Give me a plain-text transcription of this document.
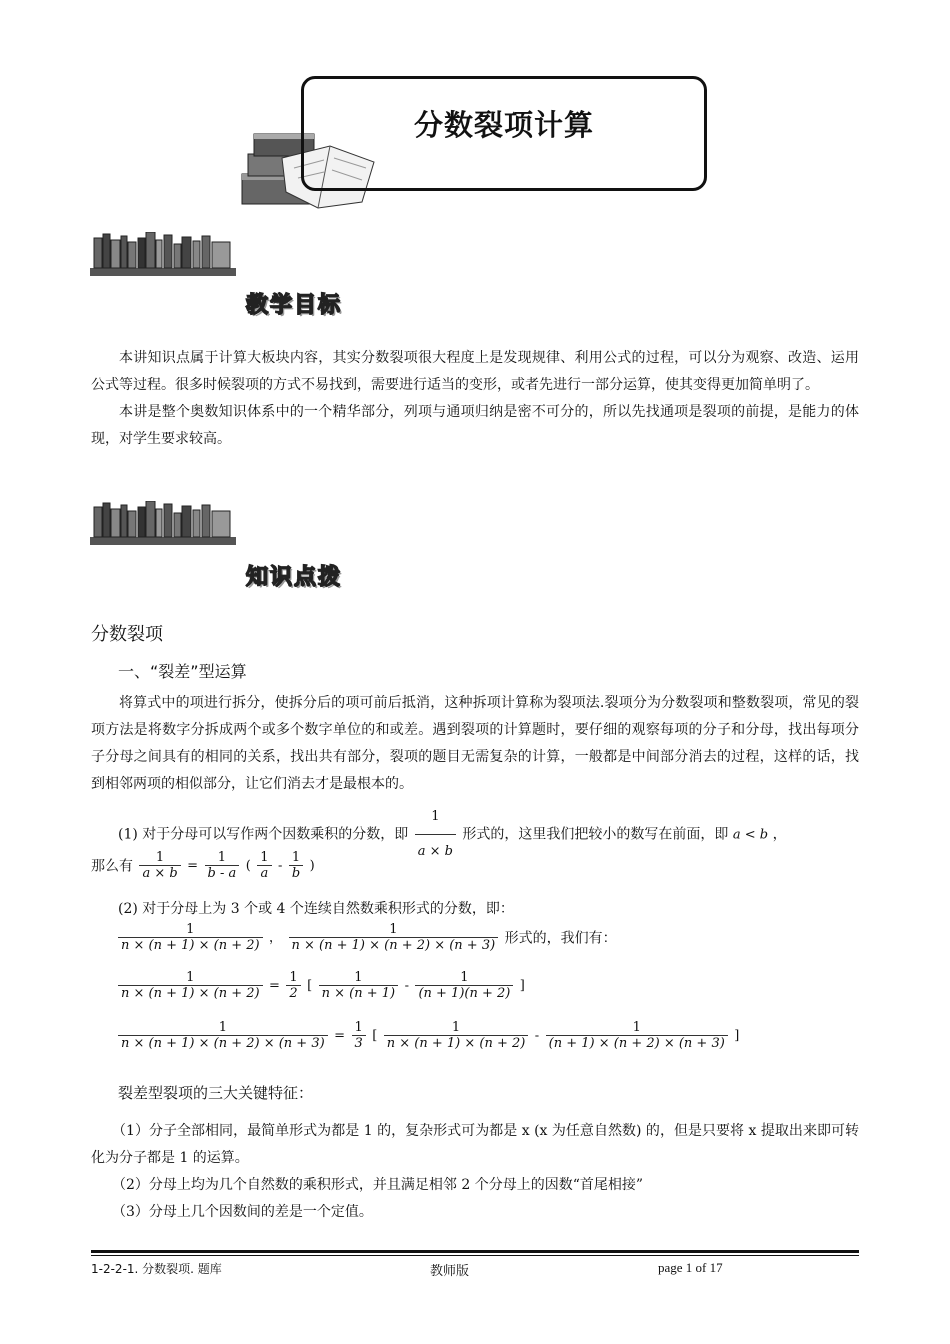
分数裂项计算
教学目标

本讲知识点属于计算大板块内容，其实分数裂项很大程度上是发现规律、利用公式的过程，可以分为观察、改造、运用公式等过程。很多时候裂项的方式不易找到，需要进行适当的变形，或者先进行一部分运算，使其变得更加简单明了。

本讲是整个奥数知识体系中的一个精华部分，列项与通项归纳是密不可分的，所以先找通项是裂项的前提，是能力的体现，对学生要求较高。

知识点拨
分数裂项
一、“裂差”型运算

将算式中的项进行拆分，使拆分后的项可前后抵消，这种拆项计算称为裂项法.裂项分为分数裂项和整数裂项，常见的裂项方法是将数字分拆成两个或多个数字单位的和或差。遇到裂项的计算题时，要仔细的观察每项的分子和分母，找出每项分子分母之间具有的相同的关系，找出共有部分，裂项的题目无需复杂的计算，一般都是中间部分消去的过程，这样的话，找到相邻两项的相似部分，让它们消去才是最根本的。

(1) 对于分母可以写作两个因数乘积的分数，即 $\frac{1}{a \times b}$ 形式的，这里我们把较小的数写在前面，即 a < b ，
那么有 $\frac{1}{a \times b} = \frac{1}{b - a}$ ( $\frac{1}{a} - \frac{1}{b}$ )
(2) 对于分母上为 3 个或 4 个连续自然数乘积形式的分数，即：
$\frac{1}{n \times (n + 1) \times (n + 2)}$ ， $\frac{1}{n \times (n + 1) \times (n + 2) \times (n + 3)}$ 形式的，我们有：
$\frac{1}{n \times (n + 1) \times (n + 2)} = \frac{1}{2}$ [ $\frac{1}{n \times (n + 1)} - \frac{1}{(n + 1)(n + 2)}$ ]
$\frac{1}{n \times (n + 1) \times (n + 2) \times (n + 3)} = \frac{1}{3}$ [ $\frac{1}{n \times (n + 1) \times (n + 2)} - \frac{1}{(n + 1) \times (n + 2) \times (n + 3)}$ ]
裂差型裂项的三大关键特征：

（1）分子全部相同，最简单形式为都是 1 的，复杂形式可为都是 x (x 为任意自然数) 的，但是只要将 x 提取出来即可转化为分子都是 1 的运算。

（2）分母上均为几个自然数的乘积形式，并且满足相邻 2 个分母上的因数“首尾相接”

（3）分母上几个因数间的差是一个定值。

1-2-2-1. 分数裂项. 题库	教师版	page 1 of 17
